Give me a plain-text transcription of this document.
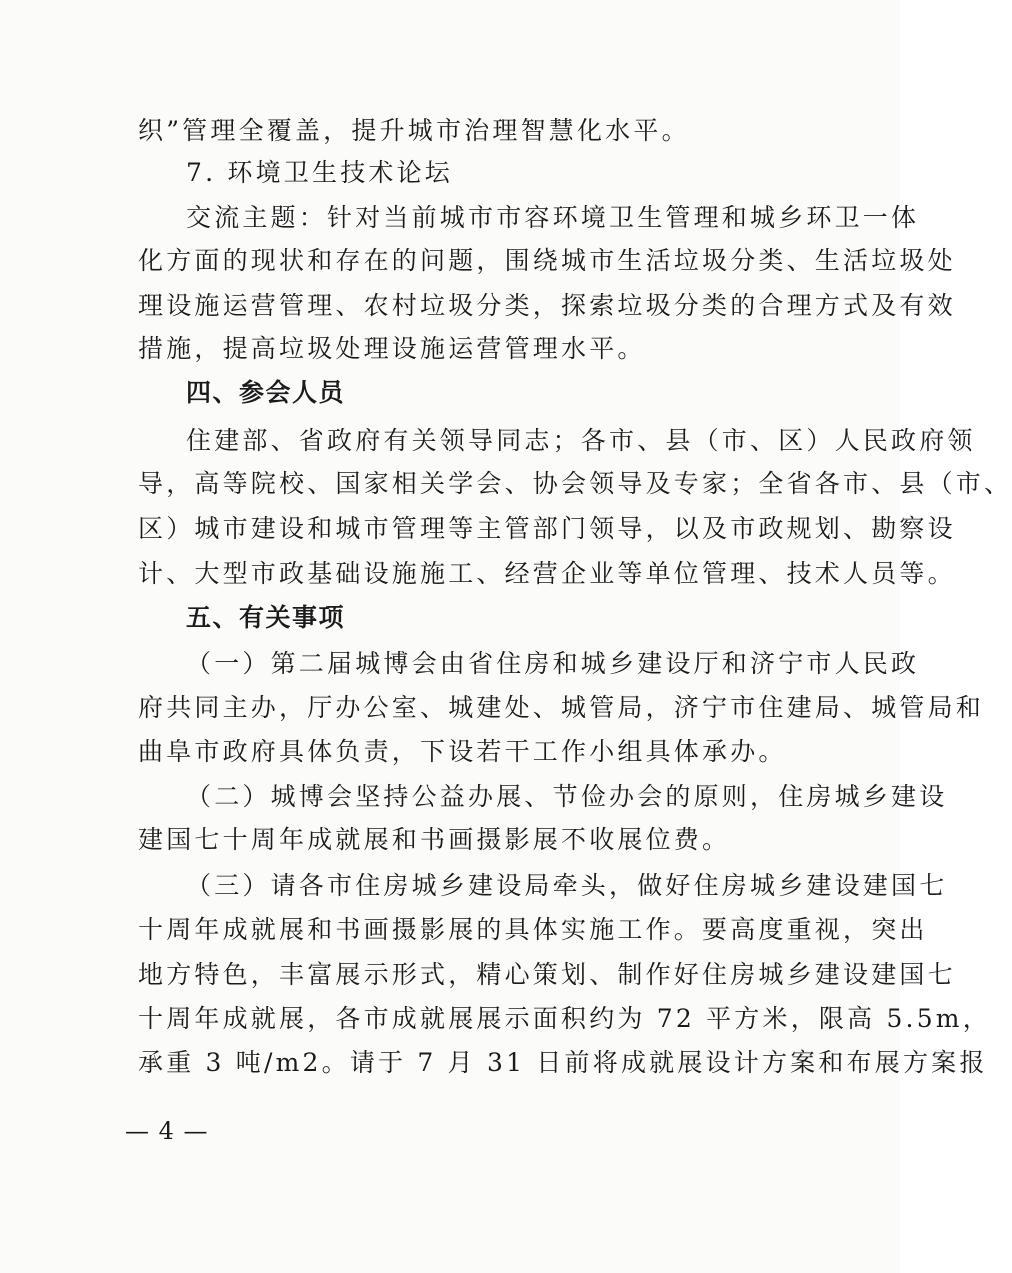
织”管理全覆盖，提升城市治理智慧化水平。
7. 环境卫生技术论坛
交流主题：针对当前城市市容环境卫生管理和城乡环卫一体
化方面的现状和存在的问题，围绕城市生活垃圾分类、生活垃圾处
理设施运营管理、农村垃圾分类，探索垃圾分类的合理方式及有效
措施，提高垃圾处理设施运营管理水平。
四、参会人员
住建部、省政府有关领导同志；各市、县（市、区）人民政府领
导，高等院校、国家相关学会、协会领导及专家；全省各市、县（市、
区）城市建设和城市管理等主管部门领导，以及市政规划、勘察设
计、大型市政基础设施施工、经营企业等单位管理、技术人员等。
五、有关事项
（一）第二届城博会由省住房和城乡建设厅和济宁市人民政
府共同主办，厅办公室、城建处、城管局，济宁市住建局、城管局和
曲阜市政府具体负责，下设若干工作小组具体承办。
（二）城博会坚持公益办展、节俭办会的原则，住房城乡建设
建国七十周年成就展和书画摄影展不收展位费。
（三）请各市住房城乡建设局牵头，做好住房城乡建设建国七
十周年成就展和书画摄影展的具体实施工作。要高度重视，突出
地方特色，丰富展示形式，精心策划、制作好住房城乡建设建国七
十周年成就展，各市成就展展示面积约为 72 平方米，限高 5.5m，
承重 3 吨/m2。请于 7 月 31 日前将成就展设计方案和布展方案报
— 4 —
